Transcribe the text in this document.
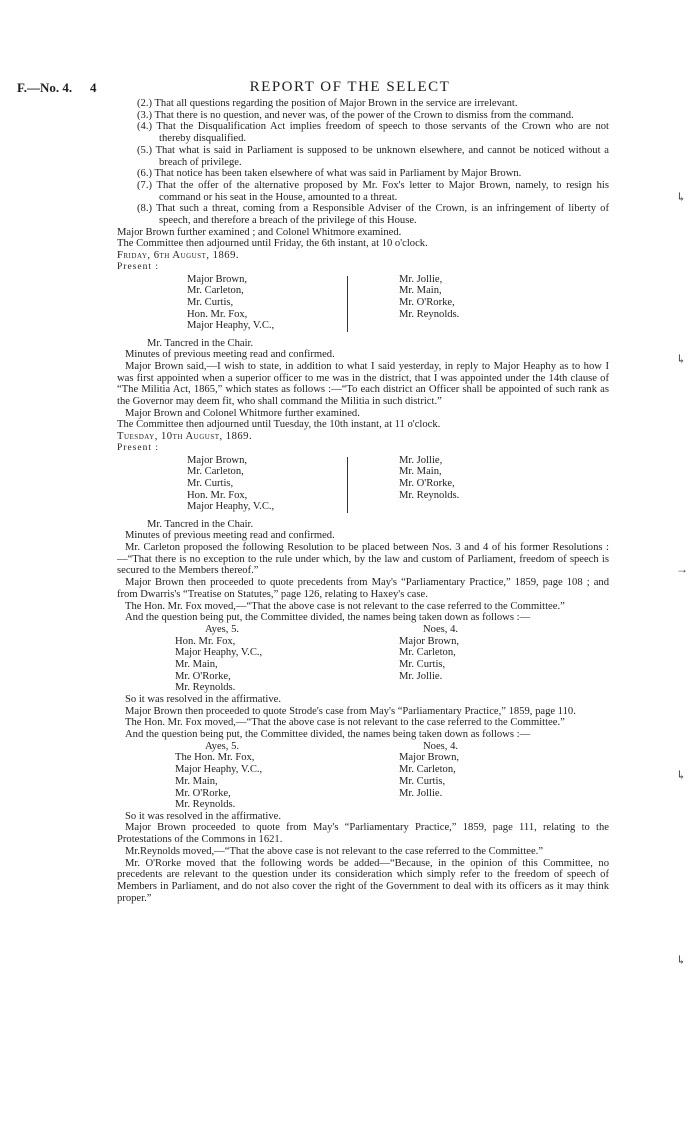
F.—No. 4. 4	REPORT OF THE SELECT

(2.) That all questions regarding the position of Major Brown in the service are irrelevant.

(3.) That there is no question, and never was, of the power of the Crown to dismiss from the command.

(4.) That the Disqualification Act implies freedom of speech to those servants of the Crown who are not thereby disqualified.

(5.) That what is said in Parliament is supposed to be unknown elsewhere, and cannot be noticed without a breach of privilege.

(6.) That notice has been taken elsewhere of what was said in Parliament by Major Brown.

(7.) That the offer of the alternative proposed by Mr. Fox's letter to Major Brown, namely, to resign his command or his seat in the House, amounted to a threat.

(8.) That such a threat, coming from a Responsible Adviser of the Crown, is an infringement of liberty of speech, and therefore a breach of the privilege of this House.

Major Brown further examined ; and Colonel Whitmore examined.

The Committee then adjourned until Friday, the 6th instant, at 10 o'clock.

Friday, 6th August, 1869.

Present :

Major Brown,
Mr. Carleton,
Mr. Curtis,
Hon. Mr. Fox,
Major Heaphy, V.C.,
Mr. Jollie,
Mr. Main,
Mr. O'Rorke,
Mr. Reynolds.

Mr. Tancred in the Chair.

Minutes of previous meeting read and confirmed.

Major Brown said,—I wish to state, in addition to what I said yesterday, in reply to Major Heaphy as to how I was first appointed when a superior officer to me was in the district, that I was appointed under the 14th clause of “The Militia Act, 1865,” which states as follows :—“To each district an Officer shall be appointed of such rank as the Governor may deem fit, who shall command the Militia in such district.”

Major Brown and Colonel Whitmore further examined.

The Committee then adjourned until Tuesday, the 10th instant, at 11 o'clock.

Tuesday, 10th August, 1869.

Present :

Major Brown,
Mr. Carleton,
Mr. Curtis,
Hon. Mr. Fox,
Major Heaphy, V.C.,
Mr. Jollie,
Mr. Main,
Mr. O'Rorke,
Mr. Reynolds.

Mr. Tancred in the Chair.

Minutes of previous meeting read and confirmed.

Mr. Carleton proposed the following Resolution to be placed between Nos. 3 and 4 of his former Resolutions :—“That there is no exception to the rule under which, by the law and custom of Parliament, freedom of speech is secured to the Members thereof.”

Major Brown then proceeded to quote precedents from May's “Parliamentary Practice,” 1859, page 108 ; and from Dwarris's “Treatise on Statutes,” page 126, relating to Haxey's case.

The Hon. Mr. Fox moved,—“That the above case is not relevant to the case referred to the Committee.”

And the question being put, the Committee divided, the names being taken down as follows :—

Ayes, 5.
Hon. Mr. Fox,
Major Heaphy, V.C.,
Mr. Main,
Mr. O'Rorke,
Mr. Reynolds.
Noes, 4.
Major Brown,
Mr. Carleton,
Mr. Curtis,
Mr. Jollie.

So it was resolved in the affirmative.

Major Brown then proceeded to quote Strode's case from May's “Parliamentary Practice,” 1859, page 110.

The Hon. Mr. Fox moved,—“That the above case is not relevant to the case referred to the Committee.”

And the question being put, the Committee divided, the names being taken down as follows :—

Ayes, 5.
The Hon. Mr. Fox,
Major Heaphy, V.C.,
Mr. Main,
Mr. O'Rorke,
Mr. Reynolds.
Noes, 4.
Major Brown,
Mr. Carleton,
Mr. Curtis,
Mr. Jollie.

So it was resolved in the affirmative.

Major Brown proceeded to quote from May's “Parliamentary Practice,” 1859, page 111, relating to the Protestations of the Commons in 1621.

Mr.Reynolds moved,—“That the above case is not relevant to the case referred to the Committee.”

Mr. O'Rorke moved that the following words be added—“Because, in the opinion of this Committee, no precedents are relevant to the question under its consideration which simply refer to the freedom of speech of Members in Parliament, and do not also cover the right of the Government to deal with its officers as it may think proper.”

↳
↳
→
↳
↳
